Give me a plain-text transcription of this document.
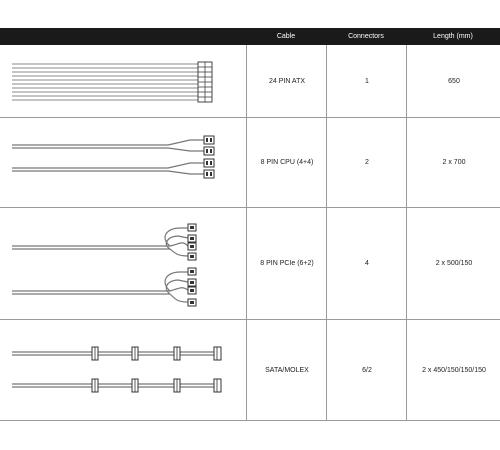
Cable	Connectors	Length (mm)
24 PIN ATX	1	650
8 PIN CPU (4+4)	2	2 x 700
8 PIN PCIe (6+2)	4	2 x 500/150
SATA/MOLEX	6/2	2 x 450/150/150/150
